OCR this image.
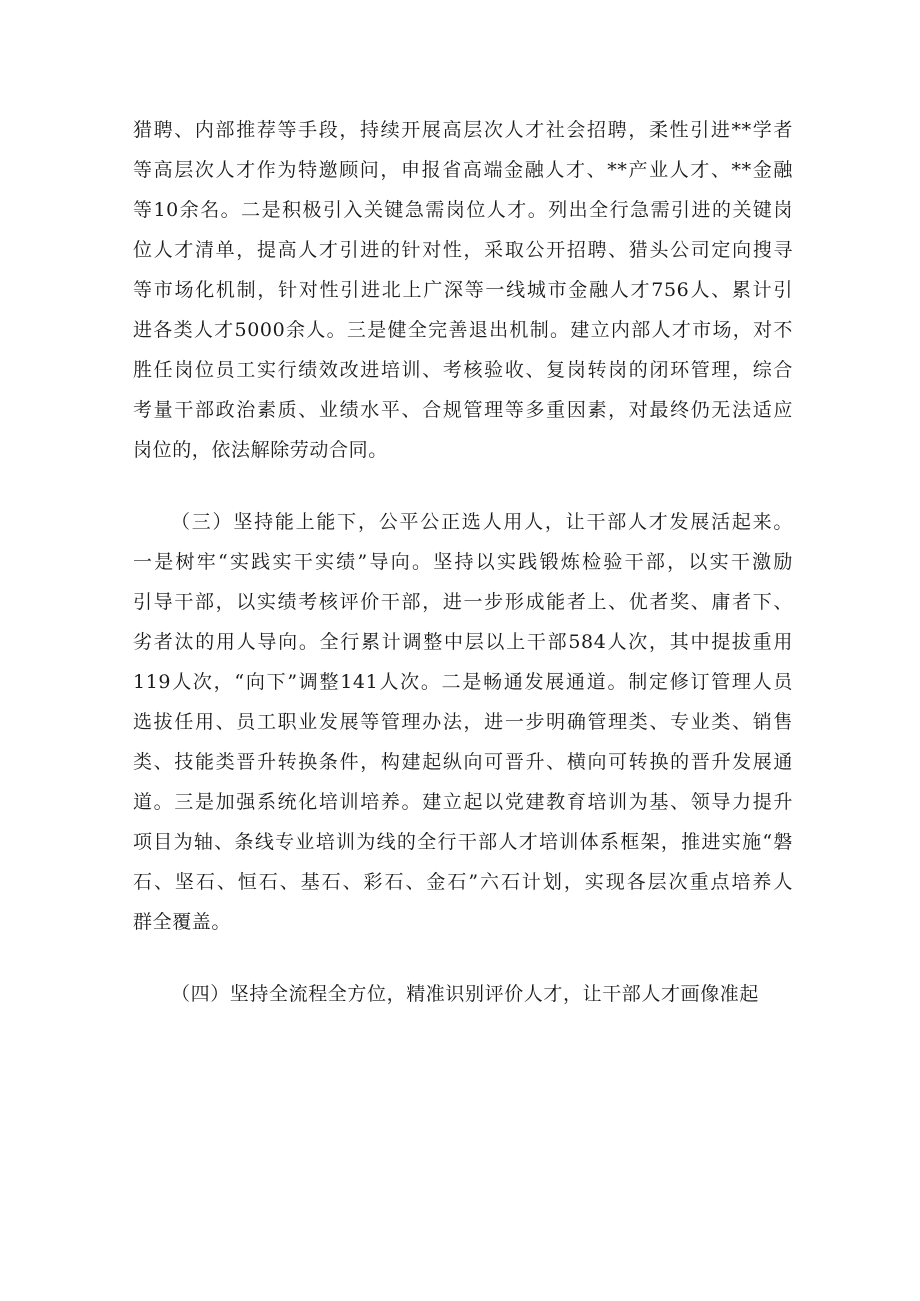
猎聘、内部推荐等手段，持续开展高层次人才社会招聘，柔性引进**学者
等高层次人才作为特邀顾问，申报省高端金融人才、**产业人才、**金融
等10余名。二是积极引入关键急需岗位人才。列出全行急需引进的关键岗
位人才清单，提高人才引进的针对性，采取公开招聘、猎头公司定向搜寻
等市场化机制，针对性引进北上广深等一线城市金融人才756人、累计引
进各类人才5000余人。三是健全完善退出机制。建立内部人才市场，对不
胜任岗位员工实行绩效改进培训、考核验收、复岗转岗的闭环管理，综合
考量干部政治素质、业绩水平、合规管理等多重因素，对最终仍无法适应
岗位的，依法解除劳动合同。
（三）坚持能上能下，公平公正选人用人，让干部人才发展活起来。
一是树牢“实践实干实绩”导向。坚持以实践锻炼检验干部，以实干激励
引导干部，以实绩考核评价干部，进一步形成能者上、优者奖、庸者下、
劣者汰的用人导向。全行累计调整中层以上干部584人次，其中提拔重用
119人次，“向下”调整141人次。二是畅通发展通道。制定修订管理人员
选拔任用、员工职业发展等管理办法，进一步明确管理类、专业类、销售
类、技能类晋升转换条件，构建起纵向可晋升、横向可转换的晋升发展通
道。三是加强系统化培训培养。建立起以党建教育培训为基、领导力提升
项目为轴、条线专业培训为线的全行干部人才培训体系框架，推进实施“磐
石、坚石、恒石、基石、彩石、金石”六石计划，实现各层次重点培养人
群全覆盖。
（四）坚持全流程全方位，精准识别评价人才，让干部人才画像准起
